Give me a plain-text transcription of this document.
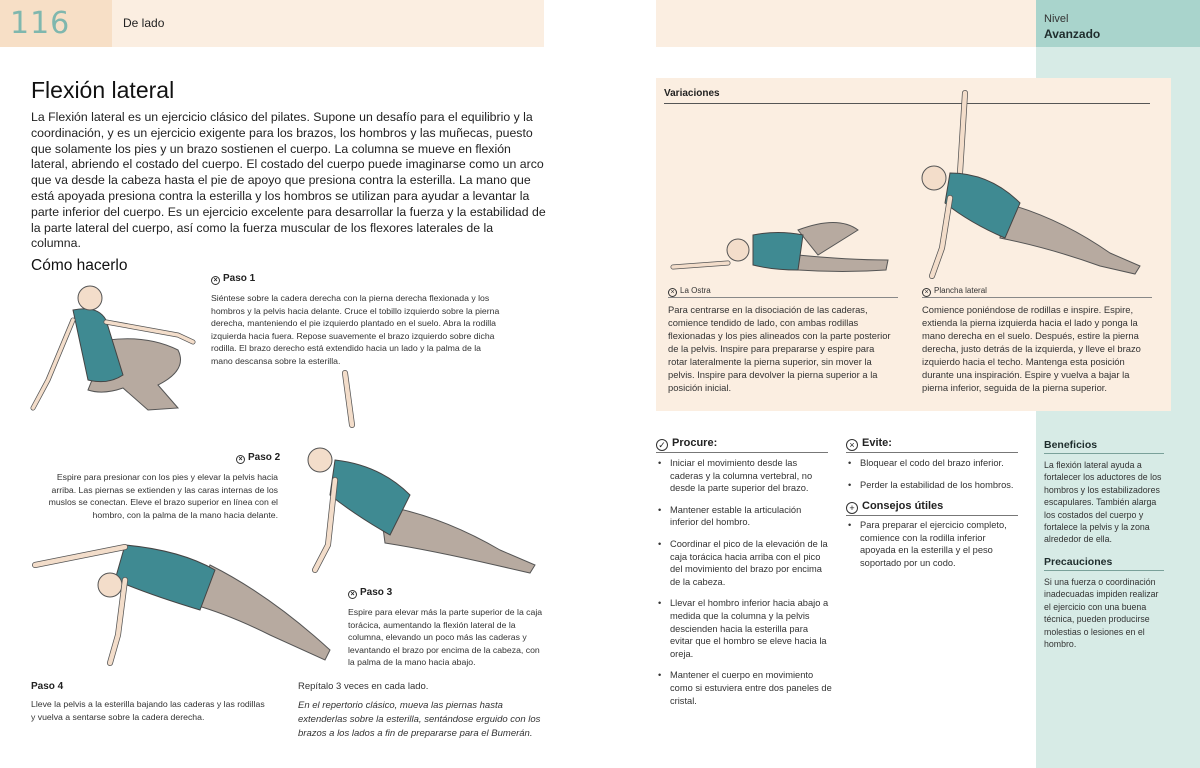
116	De lado	Nivel
Avanzado
Flexión lateral

La Flexión lateral es un ejercicio clásico del pilates. Supone un desafío para el equilibrio y la coordinación, y es un ejercicio exigente para los brazos, los hombros y las muñecas, puesto que solamente los pies y un brazo sostienen el cuerpo. La columna se mueve en flexión lateral, abriendo el costado del cuerpo. El costado del cuerpo puede imaginarse como un arco que va desde la cabeza hasta el pie de apoyo que presiona contra la esterilla. La mano que está apoyada presiona contra la esterilla y los hombros se utilizan para ayudar a levantar la parte inferior del cuerpo. Es un ejercicio excelente para desarrollar la fuerza y la estabilidad de la parte lateral del cuerpo, así como la fuerza muscular de los flexores laterales de la columna.

Cómo hacerlo
× Paso 1

Siéntese sobre la cadera derecha con la pierna derecha flexionada y los hombros y la pelvis hacia delante. Cruce el tobillo izquierdo sobre la pierna derecha, manteniendo el pie izquierdo plantado en el suelo. Abra la rodilla izquierda hacia fuera. Repose suavemente el brazo izquierdo sobre dicha rodilla. El brazo derecho está extendido hacia un lado y la palma de la mano descansa sobre la esterilla.

× Paso 2

Espire para presionar con los pies y elevar la pelvis hacia arriba. Las piernas se extienden y las caras internas de los muslos se conectan. Eleve el brazo superior en línea con el hombro, con la palma de la mano hacia delante.

× Paso 3

Espire para elevar más la parte superior de la caja torácica, aumentando la flexión lateral de la columna, elevando un poco más las caderas y levantando el brazo por encima de la cabeza, con la palma de la mano hacia abajo.

Paso 4

Lleve la pelvis a la esterilla bajando las caderas y las rodillas y vuelva a sentarse sobre la cadera derecha.

Repítalo 3 veces en cada lado.

En el repertorio clásico, mueva las piernas hasta extenderlas sobre la esterilla, sentándose erguido con los brazos a los lados a fin de prepararse para el Bumerán.

Variaciones
× La Ostra

Para centrarse en la disociación de las caderas, comience tendido de lado, con ambas rodillas flexionadas y los pies alineados con la parte posterior de la pelvis. Inspire para prepararse y espire para rotar lateralmente la pierna superior, sin mover la pelvis. Inspire para devolver la pierna superior a la posición inicial.

× Plancha lateral

Comience poniéndose de rodillas e inspire. Espire, extienda la pierna izquierda hacia el lado y ponga la mano derecha en el suelo. Después, estire la pierna derecha, justo detrás de la izquierda, y lleve el brazo izquierdo hacia el techo. Mantenga esta posición durante una inspiración. Espire y vuelva a bajar la pierna inferior, seguida de la pierna superior.

✓ Procure:
• Iniciar el movimiento desde las caderas y la columna vertebral, no desde la parte superior del brazo.
• Mantener estable la articulación inferior del hombro.
• Coordinar el pico de la elevación de la caja torácica hacia arriba con el pico del movimiento del brazo por encima de la cabeza.
• Llevar el hombro inferior hacia abajo a medida que la columna y la pelvis descienden hacia la esterilla para evitar que el hombro se eleve hacia la oreja.
• Mantener el cuerpo en movimiento como si estuviera entre dos paneles de cristal.
× Evite:
• Bloquear el codo del brazo inferior.
• Perder la estabilidad de los hombros.
+ Consejos útiles
• Para preparar el ejercicio completo, comience con la rodilla inferior apoyada en la esterilla y el peso soportado por un codo.
Beneficios

La flexión lateral ayuda a fortalecer los aductores de los hombros y los estabilizadores escapulares. También alarga los costados del cuerpo y fortalece la pelvis y la zona alrededor de ella.

Precauciones

Si una fuerza o coordinación inadecuadas impiden realizar el ejercicio con una buena técnica, pueden producirse molestias o lesiones en el hombro.
